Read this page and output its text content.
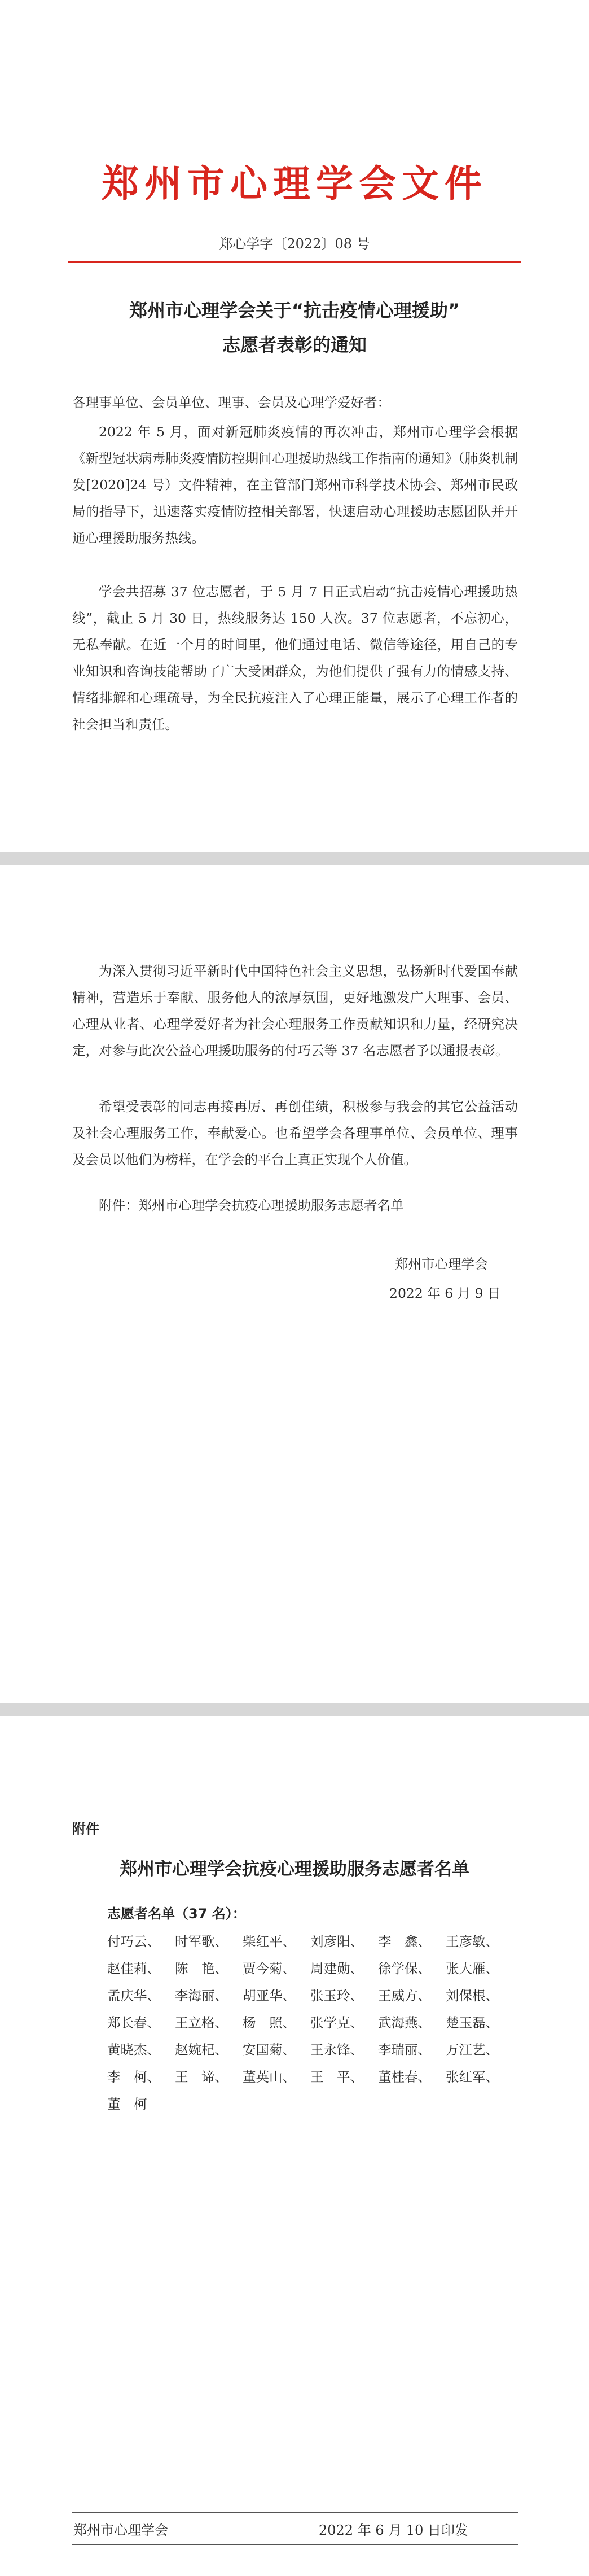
郑州市心理学会文件
郑心学字〔2022〕08 号
郑州市心理学会关于“抗击疫情心理援助”
志愿者表彰的通知
各理事单位、会员单位、理事、会员及心理学爱好者：
2022 年 5 月，面对新冠肺炎疫情的再次冲击，郑州市心理学会根据《新型冠状病毒肺炎疫情防控期间心理援助热线工作指南的通知》（肺炎机制发[2020]24 号）文件精神，在主管部门郑州市科学技术协会、郑州市民政局的指导下，迅速落实疫情防控相关部署，快速启动心理援助志愿团队并开通心理援助服务热线。
学会共招募 37 位志愿者，于 5 月 7 日正式启动“抗击疫情心理援助热线”，截止 5 月 30 日，热线服务达 150 人次。37 位志愿者，不忘初心，无私奉献。在近一个月的时间里，他们通过电话、微信等途径，用自己的专业知识和咨询技能帮助了广大受困群众，为他们提供了强有力的情感支持、情绪排解和心理疏导，为全民抗疫注入了心理正能量，展示了心理工作者的社会担当和责任。
为深入贯彻习近平新时代中国特色社会主义思想，弘扬新时代爱国奉献精神，营造乐于奉献、服务他人的浓厚氛围，更好地激发广大理事、会员、心理从业者、心理学爱好者为社会心理服务工作贡献知识和力量，经研究决定，对参与此次公益心理援助服务的付巧云等 37 名志愿者予以通报表彰。
希望受表彰的同志再接再厉、再创佳绩，积极参与我会的其它公益活动及社会心理服务工作，奉献爱心。也希望学会各理事单位、会员单位、理事及会员以他们为榜样，在学会的平台上真正实现个人价值。
附件：郑州市心理学会抗疫心理援助服务志愿者名单
郑州市心理学会
2022 年 6 月 9 日
附件
郑州市心理学会抗疫心理援助服务志愿者名单
志愿者名单（37 名）：
付巧云、 时军歌、 柴红平、 刘彦阳、 李　鑫、 王彦敏、赵佳莉、 陈　艳、 贾今菊、 周建勋、 徐学保、 张大雁、孟庆华、 李海丽、 胡亚华、 张玉玲、 王威方、 刘保根、郑长春、 王立格、 杨　照、 张学克、 武海燕、 楚玉磊、黄晓杰、 赵婉杞、 安国菊、 王永锋、 李瑞丽、 万江艺、李　柯、 王　谛、 董英山、 王　平、 董桂春、 张红军、董　柯
郑州市心理学会	2022 年 6 月 10 日印发
